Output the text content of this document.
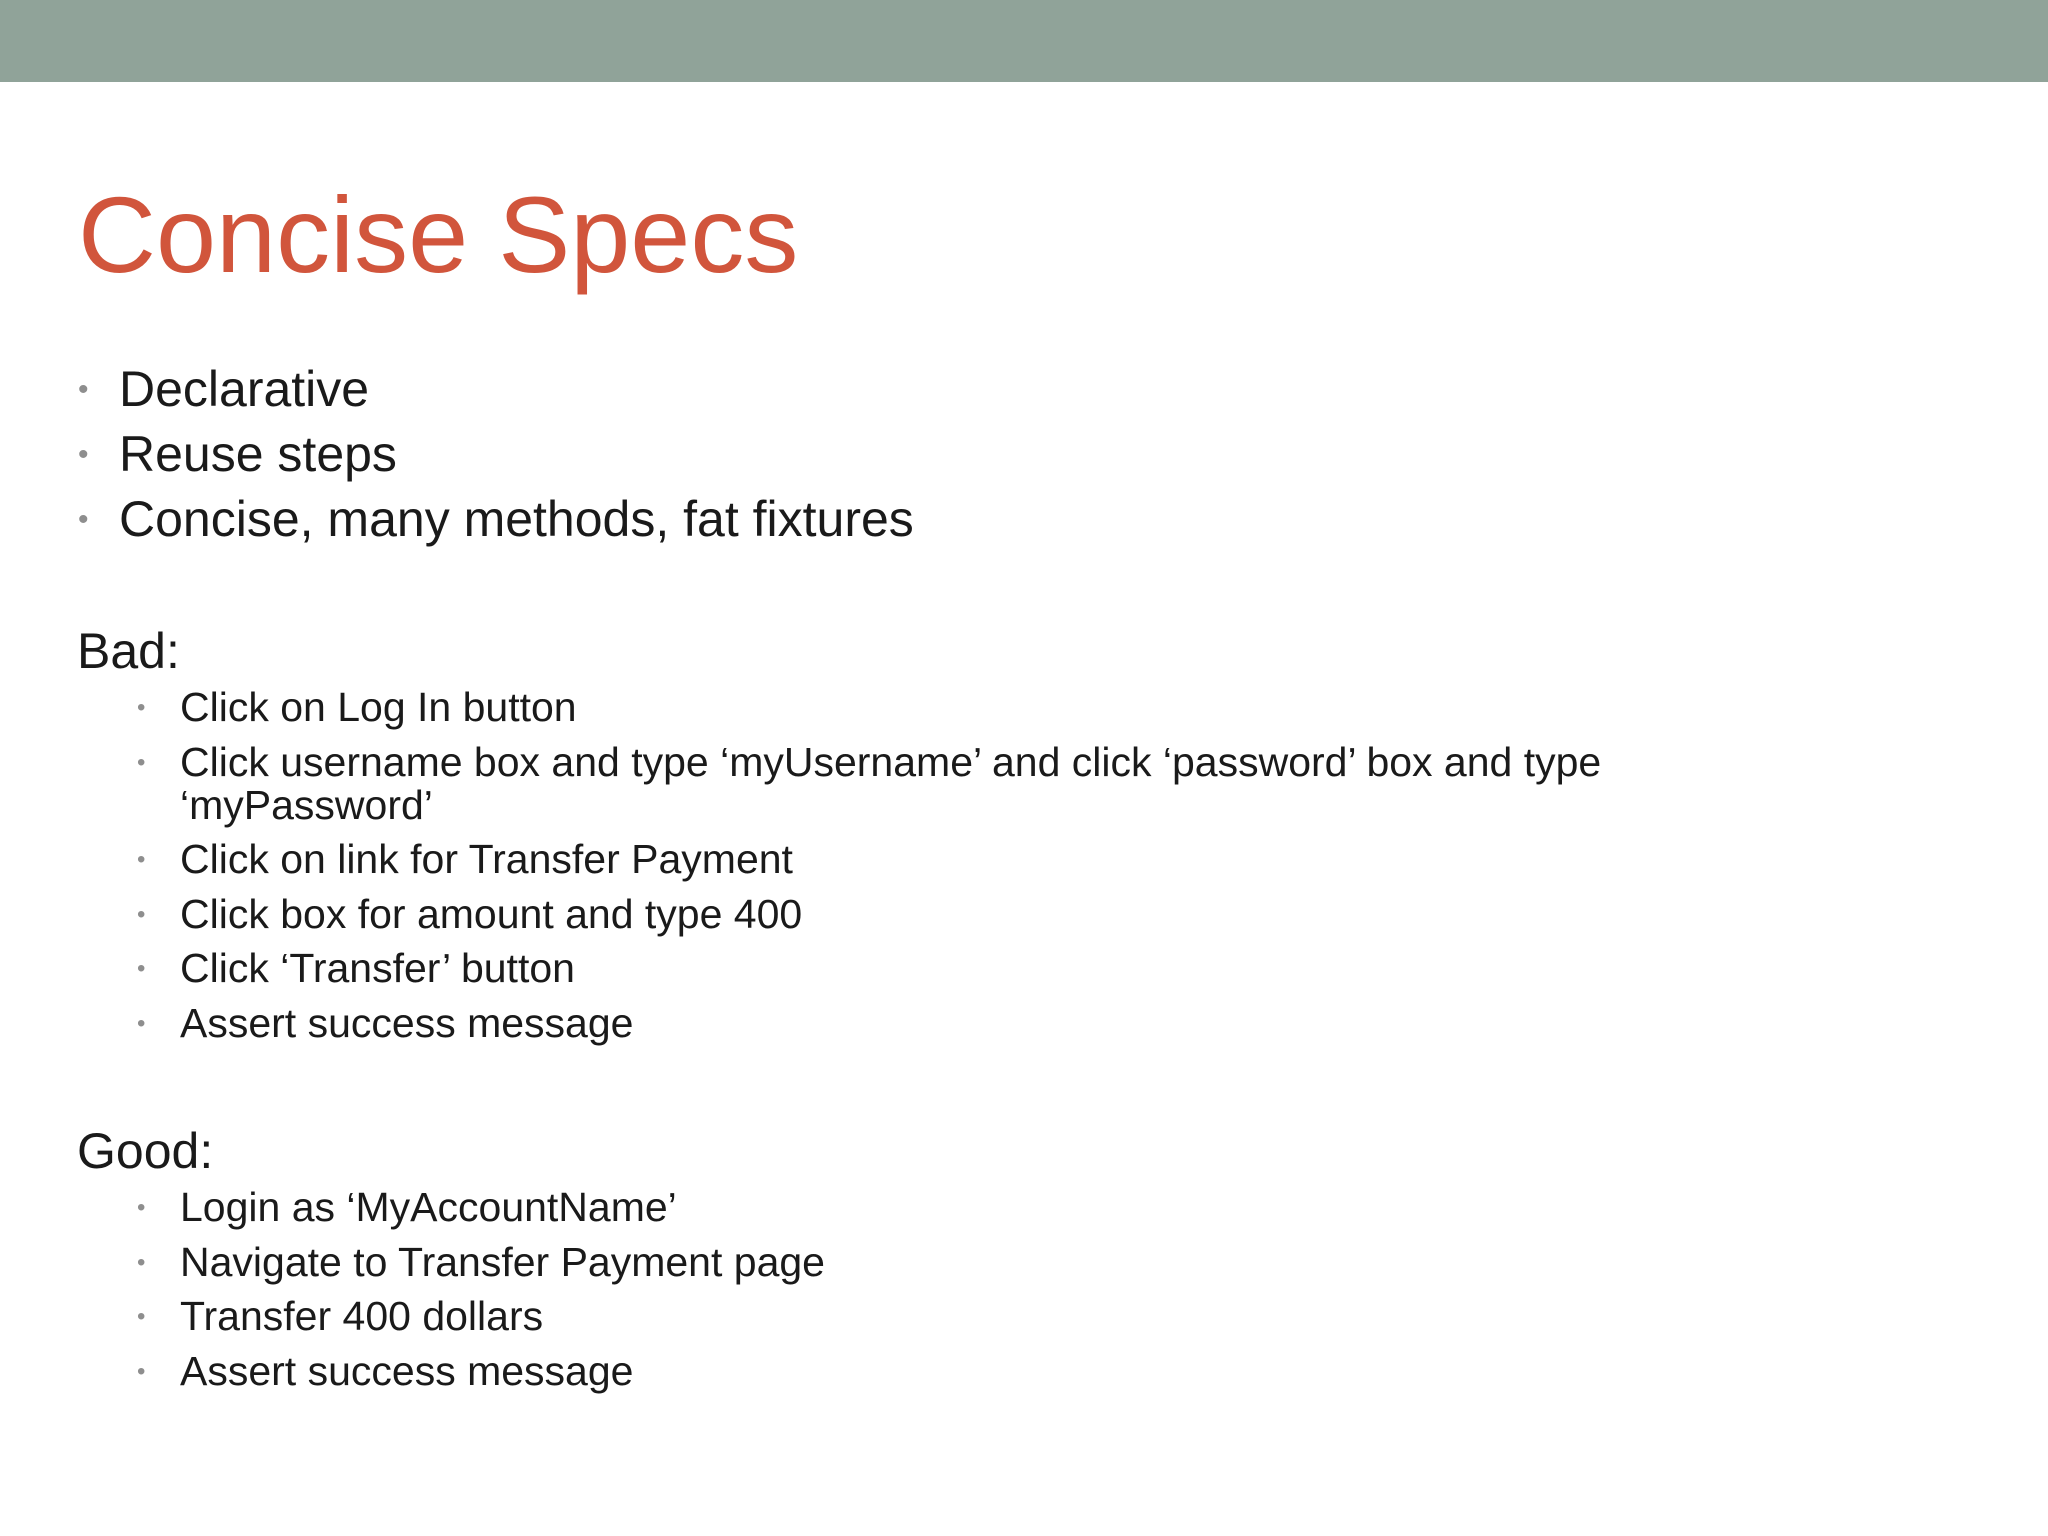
Concise Specs
• Declarative
• Reuse steps
• Concise, many methods, fat fixtures
Bad:
• Click on Log In button
• Click username box and type ‘myUsername’ and click ‘password’ box and type ‘myPassword’
• Click on link for Transfer Payment
• Click box for amount and type 400
• Click ‘Transfer’ button
• Assert success message
Good:
• Login as ‘MyAccountName’
• Navigate to Transfer Payment page
• Transfer 400 dollars
• Assert success message
